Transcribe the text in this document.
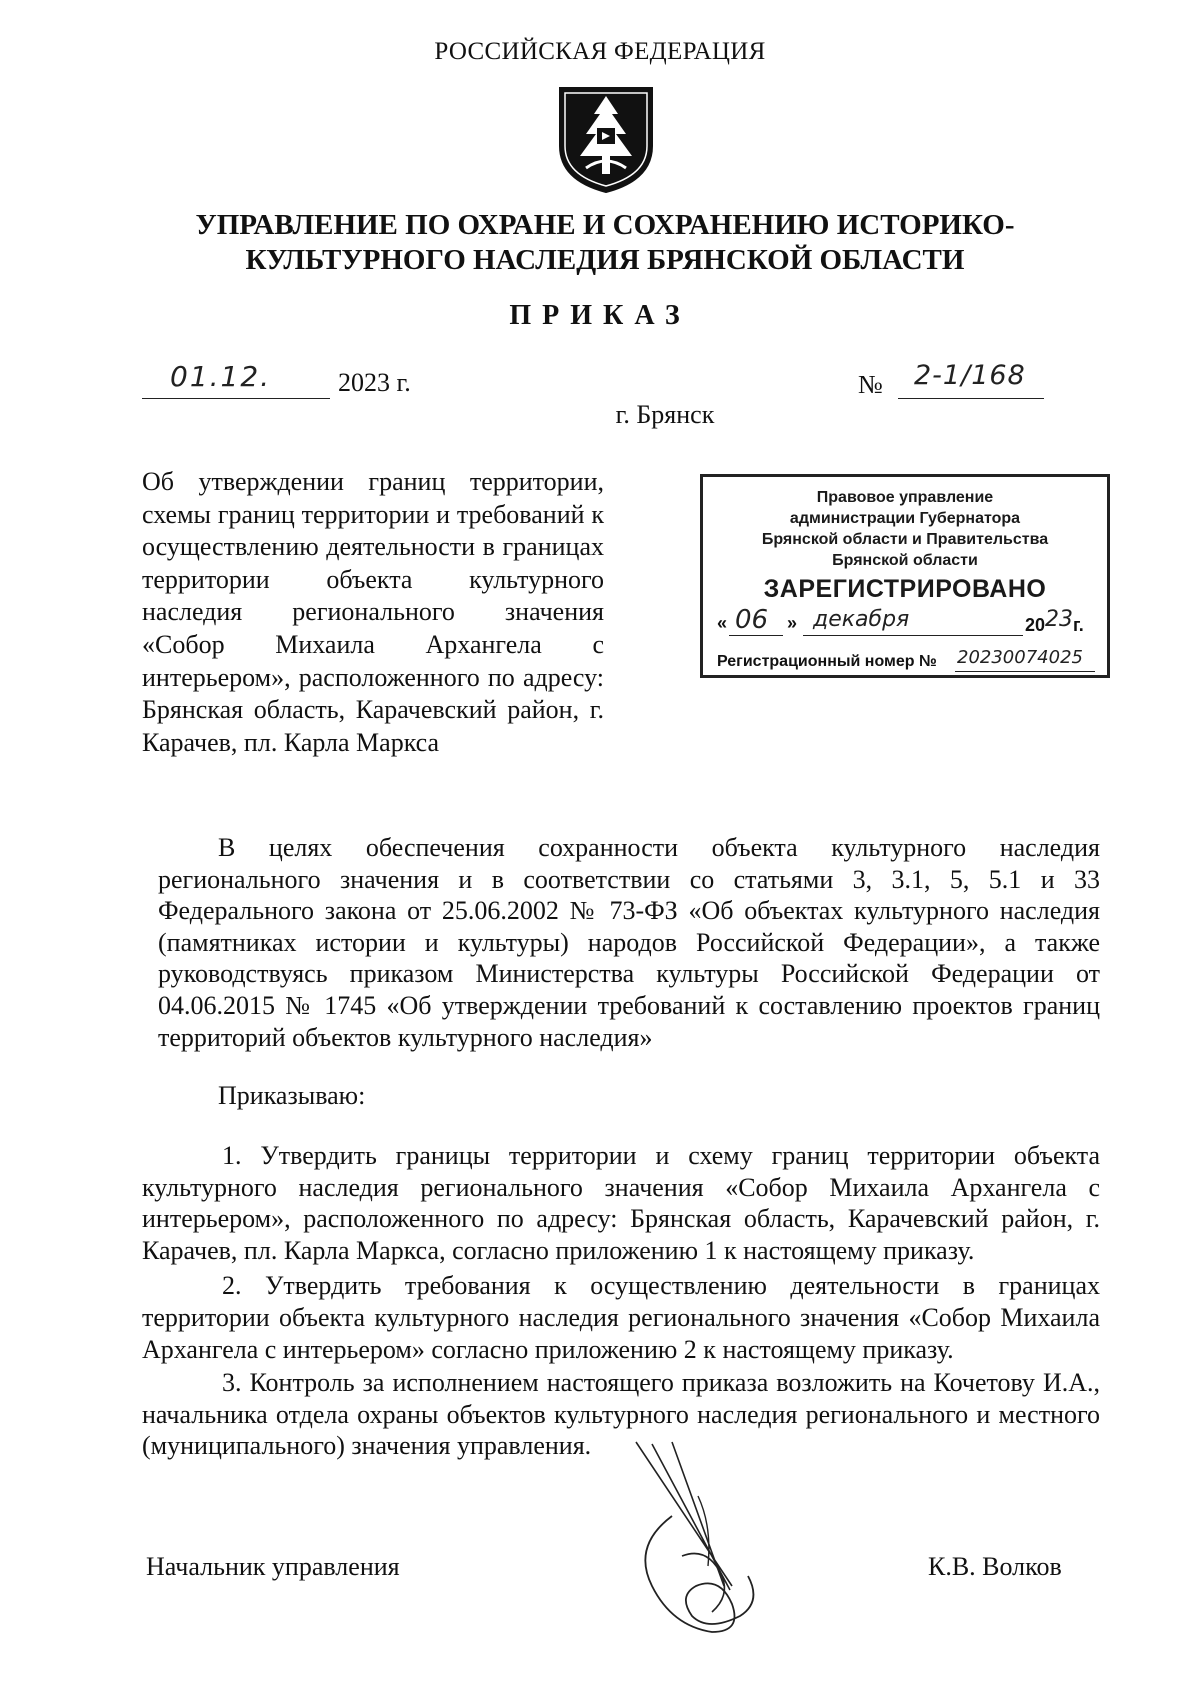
РОССИЙСКАЯ ФЕДЕРАЦИЯ
УПРАВЛЕНИЕ ПО ОХРАНЕ И СОХРАНЕНИЮ ИСТОРИКО-
КУЛЬТУРНОГО НАСЛЕДИЯ БРЯНСКОЙ ОБЛАСТИ
ПРИКАЗ
01.12.	2023 г.	№ 2-1/168
г. Брянск
Об утверждении границ территории, схемы границ территории и требований к осуществлению деятельности в границах территории объекта культурного наследия регионального значения «Собор Михаила Архангела с интерьером», расположенного по адресу: Брянская область, Карачевский район, г. Карачев, пл. Карла Маркса
Правовое управление
администрации Губернатора
Брянской области и Правительства
Брянской области
ЗАРЕГИСТРИРОВАНО
« 06 » декабря	20 23 г.
Регистрационный номер № 20230074025
В целях обеспечения сохранности объекта культурного наследия регионального значения и в соответствии со статьями 3, 3.1, 5, 5.1 и 33 Федерального закона от 25.06.2002 № 73-ФЗ «Об объектах культурного наследия (памятниках истории и культуры) народов Российской Федерации», а также руководствуясь приказом Министерства культуры Российской Федерации от 04.06.2015 № 1745 «Об утверждении требований к составлению проектов границ территорий объектов культурного наследия»
Приказываю:

1. Утвердить границы территории и схему границ территории объекта культурного наследия регионального значения «Собор Михаила Архангела с интерьером», расположенного по адресу: Брянская область, Карачевский район, г. Карачев, пл. Карла Маркса, согласно приложению 1 к настоящему приказу.

2. Утвердить требования к осуществлению деятельности в границах территории объекта культурного наследия регионального значения «Собор Михаила Архангела с интерьером» согласно приложению 2 к настоящему приказу.

3. Контроль за исполнением настоящего приказа возложить на Кочетову И.А., начальника отдела охраны объектов культурного наследия регионального и местного (муниципального) значения управления.

Начальник управления	К.В. Волков
